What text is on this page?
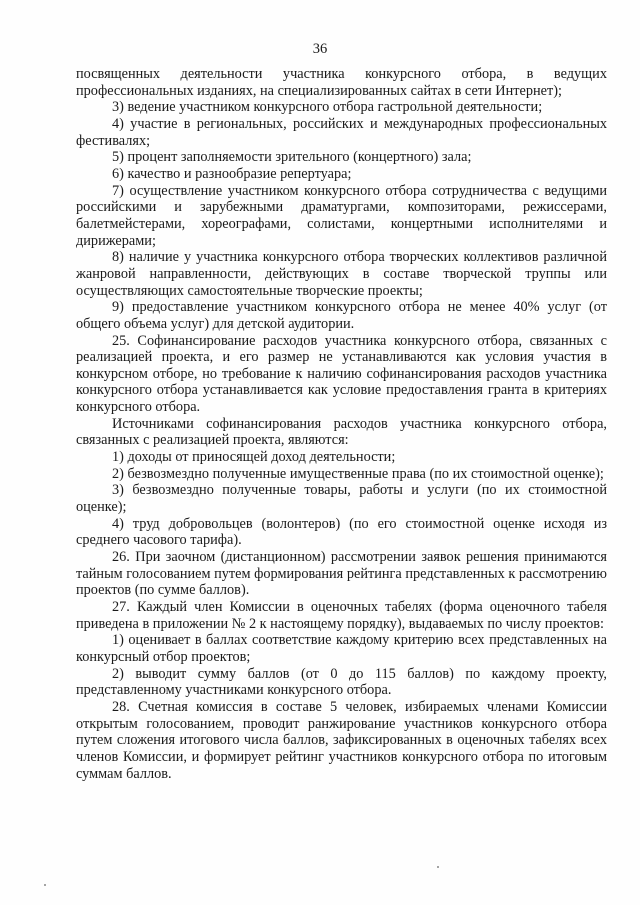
36

посвященных деятельности участника конкурсного отбора, в ведущих профессиональных изданиях, на специализированных сайтах в сети Интернет);

3) ведение участником конкурсного отбора гастрольной деятельности;

4) участие в региональных, российских и международных профессиональных фестивалях;

5) процент заполняемости зрительного (концертного) зала;

6) качество и разнообразие репертуара;

7) осуществление участником конкурсного отбора сотрудничества с ведущими российскими и зарубежными драматургами, композиторами, режиссерами, балетмейстерами, хореографами, солистами, концертными исполнителями и дирижерами;

8) наличие у участника конкурсного отбора творческих коллективов различной жанровой направленности, действующих в составе творческой труппы или осуществляющих самостоятельные творческие проекты;

9) предоставление участником конкурсного отбора не менее 40% услуг (от общего объема услуг) для детской аудитории.

25. Софинансирование расходов участника конкурсного отбора, связанных с реализацией проекта, и его размер не устанавливаются как условия участия в конкурсном отборе, но требование к наличию софинансирования расходов участника конкурсного отбора устанавливается как условие предоставления гранта в критериях конкурсного отбора.

Источниками софинансирования расходов участника конкурсного отбора, связанных с реализацией проекта, являются:

1) доходы от приносящей доход деятельности;

2) безвозмездно полученные имущественные права (по их стоимостной оценке);

3) безвозмездно полученные товары, работы и услуги (по их стоимостной оценке);

4) труд добровольцев (волонтеров) (по его стоимостной оценке исходя из среднего часового тарифа).

26. При заочном (дистанционном) рассмотрении заявок решения принимаются тайным голосованием путем формирования рейтинга представленных к рассмотрению проектов (по сумме баллов).

27. Каждый член Комиссии в оценочных табелях (форма оценочного табеля приведена в приложении № 2 к настоящему порядку), выдаваемых по числу проектов:

1) оценивает в баллах соответствие каждому критерию всех представленных на конкурсный отбор проектов;

2) выводит сумму баллов (от 0 до 115 баллов) по каждому проекту, представленному участниками конкурсного отбора.

28. Счетная комиссия в составе 5 человек, избираемых членами Комиссии открытым голосованием, проводит ранжирование участников конкурсного отбора путем сложения итогового числа баллов, зафиксированных в оценочных табелях всех членов Комиссии, и формирует рейтинг участников конкурсного отбора по итоговым суммам баллов.
